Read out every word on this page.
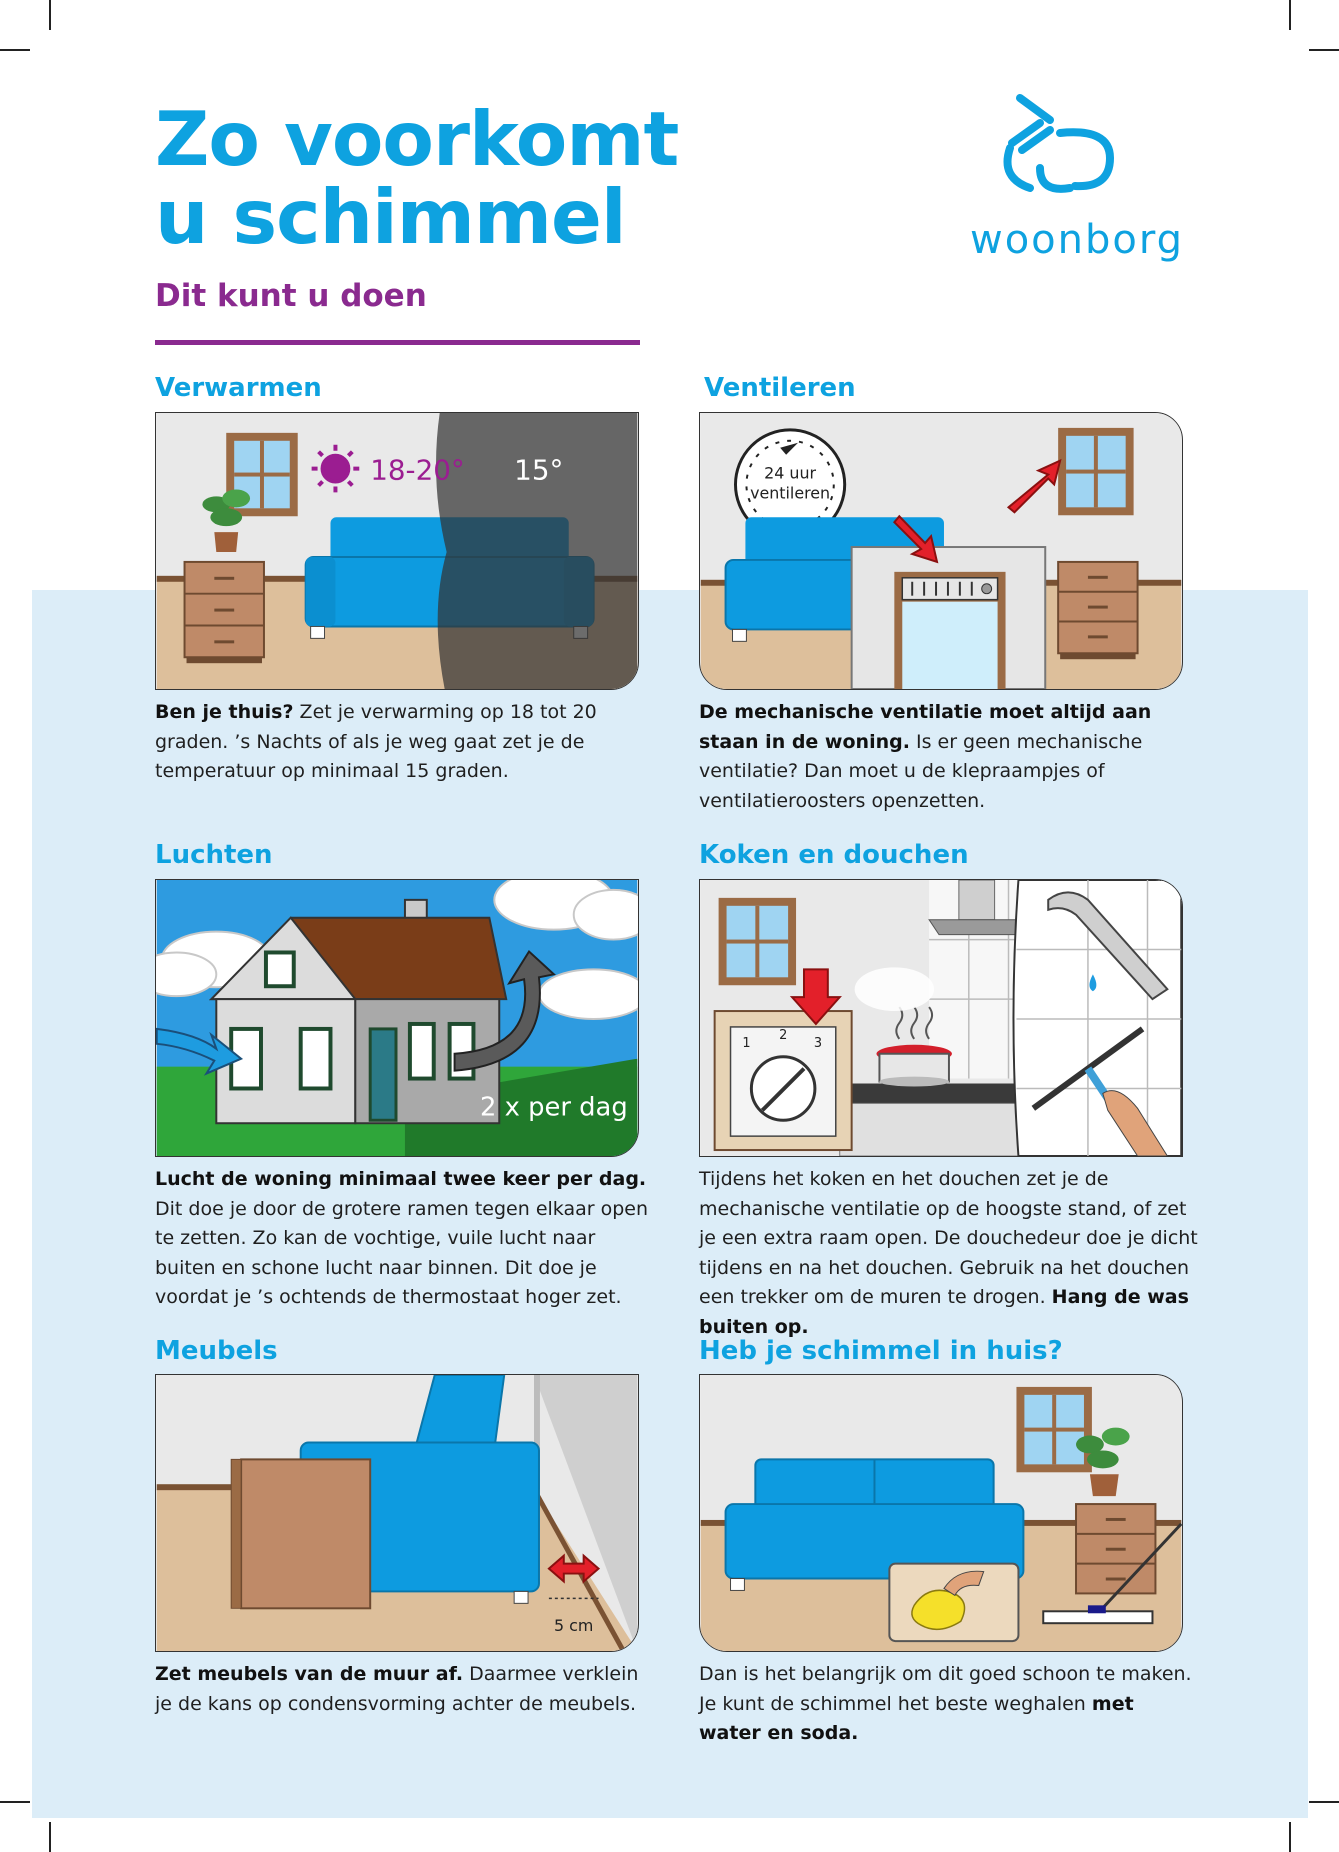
Zo voorkomt
u schimmel
Dit kunt u doen
woonborg
Verwarmen
18-20° 15°

Ben je thuis? Zet je verwarming op 18 tot 20 graden. ’s Nachts of als je weg gaat zet je de temperatuur op minimaal 15 graden.

Ventileren
24 uur
ventileren

De mechanische ventilatie moet altijd aan staan in de woning. Is er geen mechanische ventilatie? Dan moet u de klepraampjes of ventilatieroosters openzetten.

Luchten
2 x per dag

Lucht de woning minimaal twee keer per dag. Dit doe je door de grotere ramen tegen elkaar open te zetten. Zo kan de vochtige, vuile lucht naar buiten en schone lucht naar binnen. Dit doe je voordat je ’s ochtends de thermostaat hoger zet.

Koken en douchen
1
2
3

Tijdens het koken en het douchen zet je de mechanische ventilatie op de hoogste stand, of zet je een extra raam open. De douchedeur doe je dicht tijdens en na het douchen. Gebruik na het douchen een trekker om de muren te drogen. Hang de was buiten op.

Meubels
5 cm

Zet meubels van de muur af. Daarmee verklein je de kans op condensvorming achter de meubels.

Heb je schimmel in huis?

Dan is het belangrijk om dit goed schoon te maken. Je kunt de schimmel het beste weghalen met water en soda.
